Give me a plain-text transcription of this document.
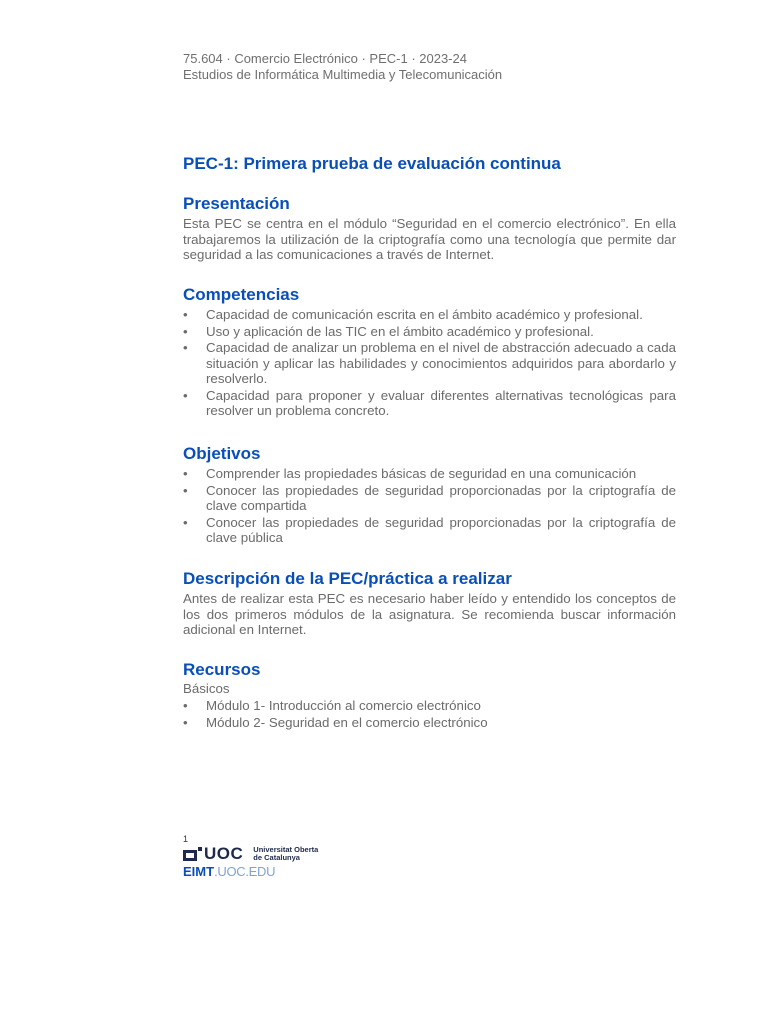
75.604 · Comercio Electrónico · PEC-1 · 2023-24
Estudios de Informática Multimedia y Telecomunicación
PEC-1: Primera prueba de evaluación continua
Presentación

Esta PEC se centra en el módulo “Seguridad en el comercio electrónico”. En ella trabajaremos la utilización de la criptografía como una tecnología que permite dar seguridad a las comunicaciones a través de Internet.

Competencias
• Capacidad de comunicación escrita en el ámbito académico y profesional.
• Uso y aplicación de las TIC en el ámbito académico y profesional.
• Capacidad de analizar un problema en el nivel de abstracción adecuado a cada situación y aplicar las habilidades y conocimientos adquiridos para abordarlo y resolverlo.
• Capacidad para proponer y evaluar diferentes alternativas tecnológicas para resolver un problema concreto.
Objetivos
• Comprender las propiedades básicas de seguridad en una comunicación
• Conocer las propiedades de seguridad proporcionadas por la criptografía de clave compartida
• Conocer las propiedades de seguridad proporcionadas por la criptografía de clave pública
Descripción de la PEC/práctica a realizar

Antes de realizar esta PEC es necesario haber leído y entendido los conceptos de los dos primeros módulos de la asignatura. Se recomienda buscar información adicional en Internet.

Recursos
Básicos
• Módulo 1- Introducción al comercio electrónico
• Módulo 2- Seguridad en el comercio electrónico
1
UOC Universitat Oberta
de Catalunya
EIMT.UOC.EDU
